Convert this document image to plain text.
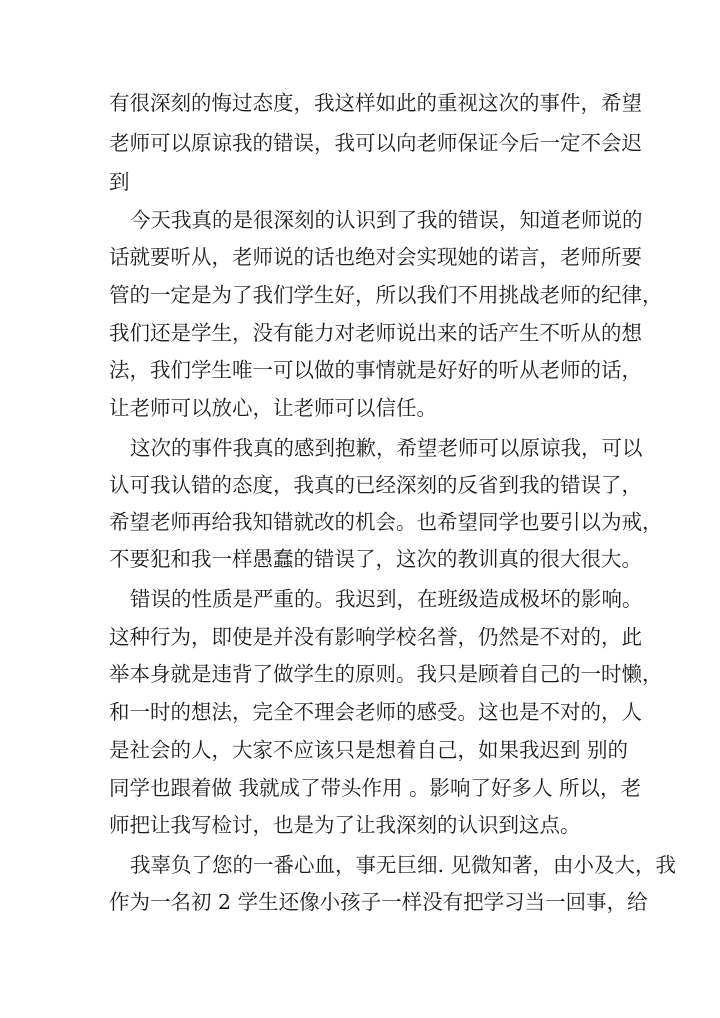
有很深刻的悔过态度，我这样如此的重视这次的事件，希望
老师可以原谅我的错误，我可以向老师保证今后一定不会迟
到
今天我真的是很深刻的认识到了我的错误，知道老师说的
话就要听从，老师说的话也绝对会实现她的诺言，老师所要
管的一定是为了我们学生好，所以我们不用挑战老师的纪律，
我们还是学生，没有能力对老师说出来的话产生不听从的想
法，我们学生唯一可以做的事情就是好好的听从老师的话，
让老师可以放心，让老师可以信任。
这次的事件我真的感到抱歉，希望老师可以原谅我，可以
认可我认错的态度，我真的已经深刻的反省到我的错误了，
希望老师再给我知错就改的机会。也希望同学也要引以为戒，
不要犯和我一样愚蠢的错误了，这次的教训真的很大很大。
错误的性质是严重的。我迟到，在班级造成极坏的影响。
这种行为，即使是并没有影响学校名誉，仍然是不对的，此
举本身就是违背了做学生的原则。我只是顾着自己的一时懒，
和一时的想法，完全不理会老师的感受。这也是不对的，人
是社会的人，大家不应该只是想着自己，如果我迟到 别的
同学也跟着做 我就成了带头作用 。影响了好多人 所以，老
师把让我写检讨，也是为了让我深刻的认识到这点。
我辜负了您的一番心血，事无巨细. 见微知著，由小及大，我
作为一名初 2 学生还像小孩子一样没有把学习当一回事，给
